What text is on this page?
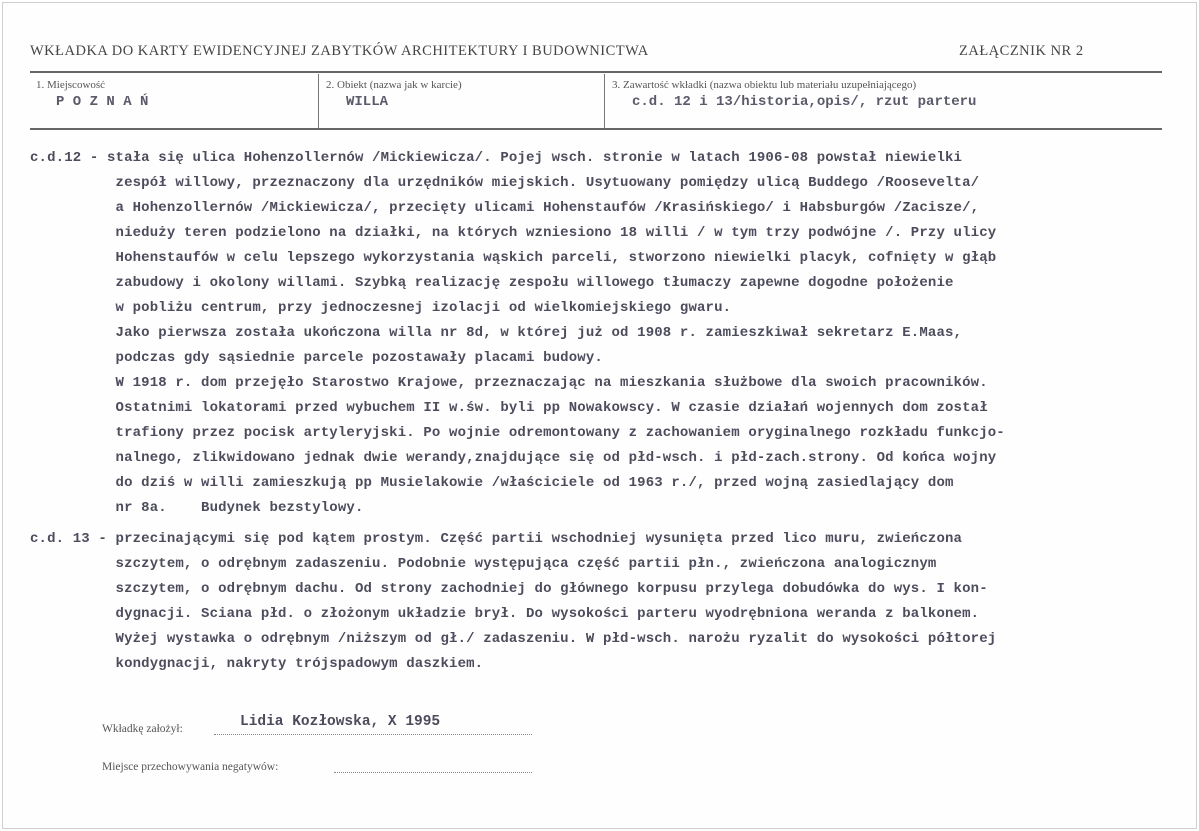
WKŁADKA DO KARTY EWIDENCYJNEJ ZABYTKÓW ARCHITEKTURY I BUDOWNICTWA	ZAŁĄCZNIK NR 2
1. Miejscowość
P O Z N A Ń
2. Obiekt (nazwa jak w karcie)
WILLA
3. Zawartość wkładki (nazwa obiektu lub materiału uzupełniającego)
c.d. 12 i 13/historia,opis/, rzut parteru
c.d.12 - stała się ulica Hohenzollernów /Mickiewicza/. Pojej wsch. stronie w latach 1906-08 powstał niewielki
zespół willowy, przeznaczony dla urzędników miejskich. Usytuowany pomiędzy ulicą Buddego /Roosevelta/
a Hohenzollernów /Mickiewicza/, przecięty ulicami Hohenstaufów /Krasińskiego/ i Habsburgów /Zacisze/,
niedużу teren podzielono na działki, na których wzniesiono 18 willi / w tym trzy podwójne /. Przy ulicy
Hohenstaufów w celu lepszego wykorzystania wąskich parceli, stworzono niewielki placyk, cofnięty w głąb
zabudowy i okolony willami. Szybką realizację zespołu willowego tłumaczy zapewne dogodne położenie
w pobliżu centrum, przy jednoczesnej izolacji od wielkomiejskiego gwaru.
Jako pierwsza została ukończona willa nr 8d, w której już od 1908 r. zamieszkiwał sekretarz E.Maas,
podczas gdy sąsiednie parcele pozostawały placami budowy.
W 1918 r. dom przejęło Starostwo Krajowe, przeznaczając na mieszkania służbowe dla swoich pracowników.
Ostatnimi lokatorami przed wybuchem II w.św. byli pp Nowakowscy. W czasie działań wojennych dom został
trafiony przez pocisk artyleryjski. Po wojnie odremontowany z zachowaniem oryginalnego rozkładu funkcjo-
nalnego, zlikwidowano jednak dwie werandy,znajdujące się od płd-wsch. i płd-zach.strony. Od końca wojny
do dziś w willi zamieszkują pp Musielakowie /właściciele od 1963 r./, przed wojną zasiedlający dom
nr 8a.    Budynek bezstylowy.
c.d. 13 - przecinającymi się pod kątem prostym. Część partii wschodniej wysunięta przed lico muru, zwieńczona
szczytem, o odrębnym zadaszeniu. Podobnie występująca część partii płn., zwieńczona analogicznym
szczytem, o odrębnym dachu. Od strony zachodniej do głównego korpusu przylega dobudówka do wys. I kon-
dygnacji. Sciana płd. o złożonym układzie brył. Do wysokości parteru wyodrębniona weranda z balkonem.
Wyżej wystawka o odrębnym /niższym od gł./ zadaszeniu. W płd-wsch. narożu ryzalit do wysokości półtorej
kondygnacji, nakryty trójspadowym daszkiem.
Wkładkę założył:	Lidia Kozłowska, X 1995
Miejsce przechowywania negatywów:
